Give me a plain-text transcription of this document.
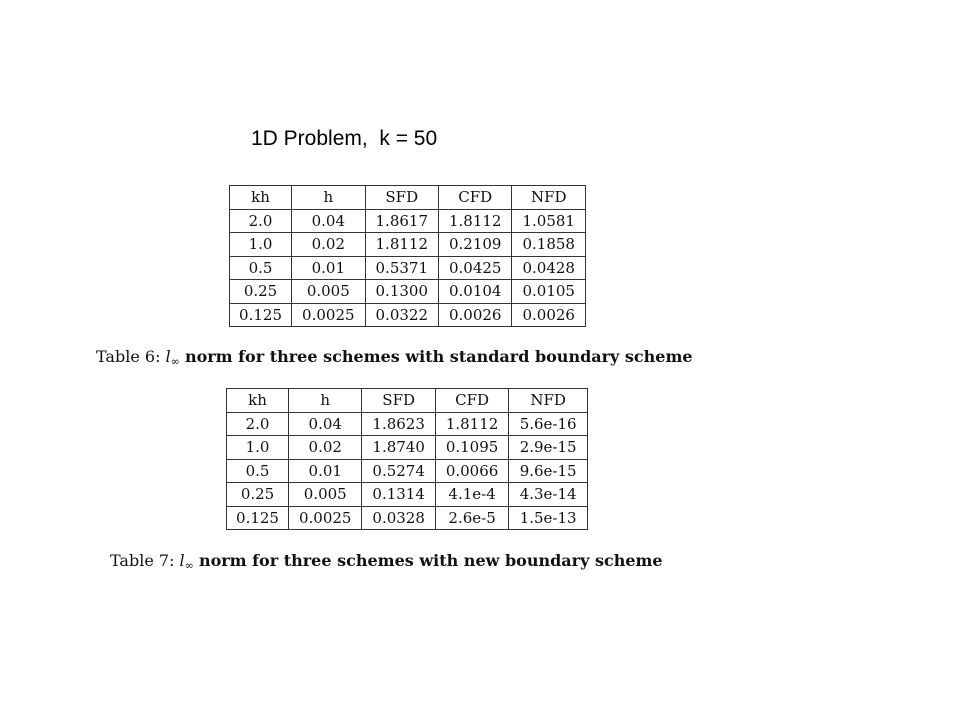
1D Problem,  k = 50
kh	h	SFD	CFD	NFD
2.0	0.04	1.8617	1.8112	1.0581
1.0	0.02	1.8112	0.2109	0.1858
0.5	0.01	0.5371	0.0425	0.0428
0.25	0.005	0.1300	0.0104	0.0105
0.125	0.0025	0.0322	0.0026	0.0026
Table 6: l∞ norm for three schemes with standard boundary scheme
kh	h	SFD	CFD	NFD
2.0	0.04	1.8623	1.8112	5.6e-16
1.0	0.02	1.8740	0.1095	2.9e-15
0.5	0.01	0.5274	0.0066	9.6e-15
0.25	0.005	0.1314	4.1e-4	4.3e-14
0.125	0.0025	0.0328	2.6e-5	1.5e-13
Table 7: l∞ norm for three schemes with new boundary scheme
